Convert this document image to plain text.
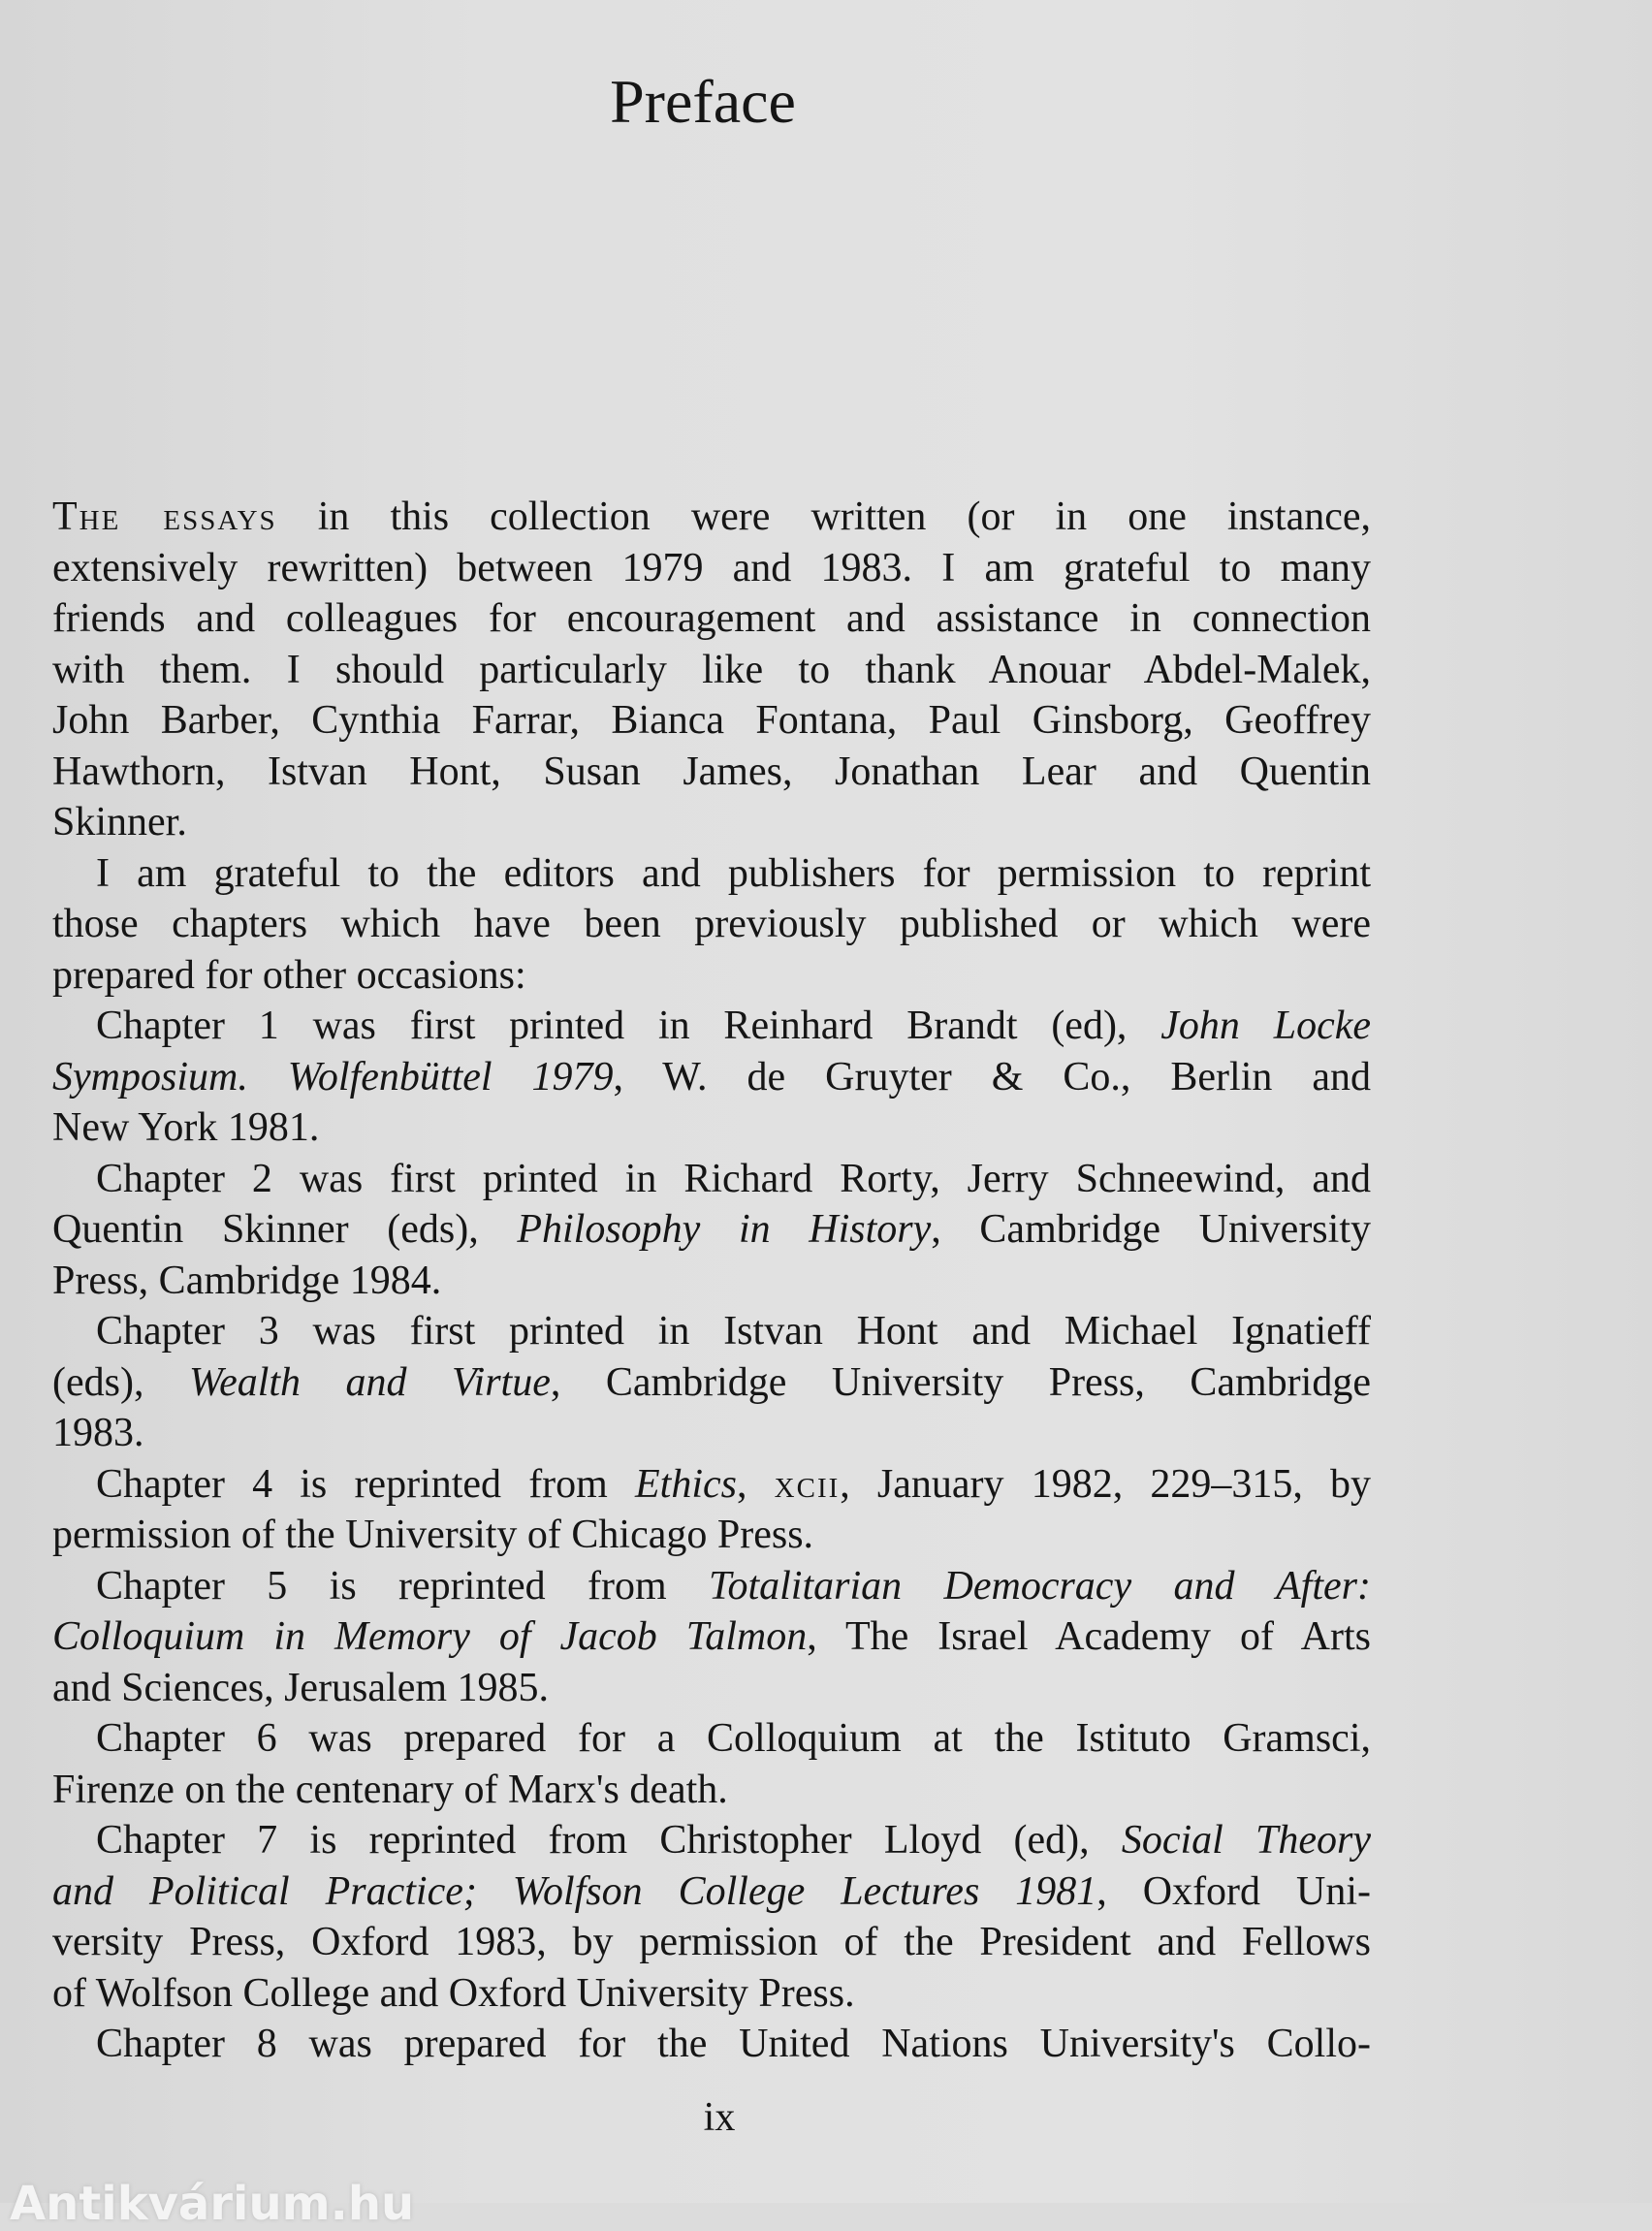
Preface
The essays in this collection were written (or in one instance,
extensively rewritten) between 1979 and 1983. I am grateful to many
friends and colleagues for encouragement and assistance in connection
with them. I should particularly like to thank Anouar Abdel-Malek,
John Barber, Cynthia Farrar, Bianca Fontana, Paul Ginsborg, Geoffrey
Hawthorn, Istvan Hont, Susan James, Jonathan Lear and Quentin
Skinner.
I am grateful to the editors and publishers for permission to reprint
those chapters which have been previously published or which were
prepared for other occasions:
Chapter 1 was first printed in Reinhard Brandt (ed), John Locke
Symposium. Wolfenbüttel 1979, W. de Gruyter & Co., Berlin and
New York 1981.
Chapter 2 was first printed in Richard Rorty, Jerry Schneewind, and
Quentin Skinner (eds), Philosophy in History, Cambridge University
Press, Cambridge 1984.
Chapter 3 was first printed in Istvan Hont and Michael Ignatieff
(eds), Wealth and Virtue, Cambridge University Press, Cambridge
1983.
Chapter 4 is reprinted from Ethics, xcii, January 1982, 229–315, by
permission of the University of Chicago Press.
Chapter 5 is reprinted from Totalitarian Democracy and After:
Colloquium in Memory of Jacob Talmon, The Israel Academy of Arts
and Sciences, Jerusalem 1985.
Chapter 6 was prepared for a Colloquium at the Istituto Gramsci,
Firenze on the centenary of Marx's death.
Chapter 7 is reprinted from Christopher Lloyd (ed), Social Theory
and Political Practice; Wolfson College Lectures 1981, Oxford Uni-
versity Press, Oxford 1983, by permission of the President and Fellows
of Wolfson College and Oxford University Press.
Chapter 8 was prepared for the United Nations University's Collo-
ix
Antikvárium.hu
